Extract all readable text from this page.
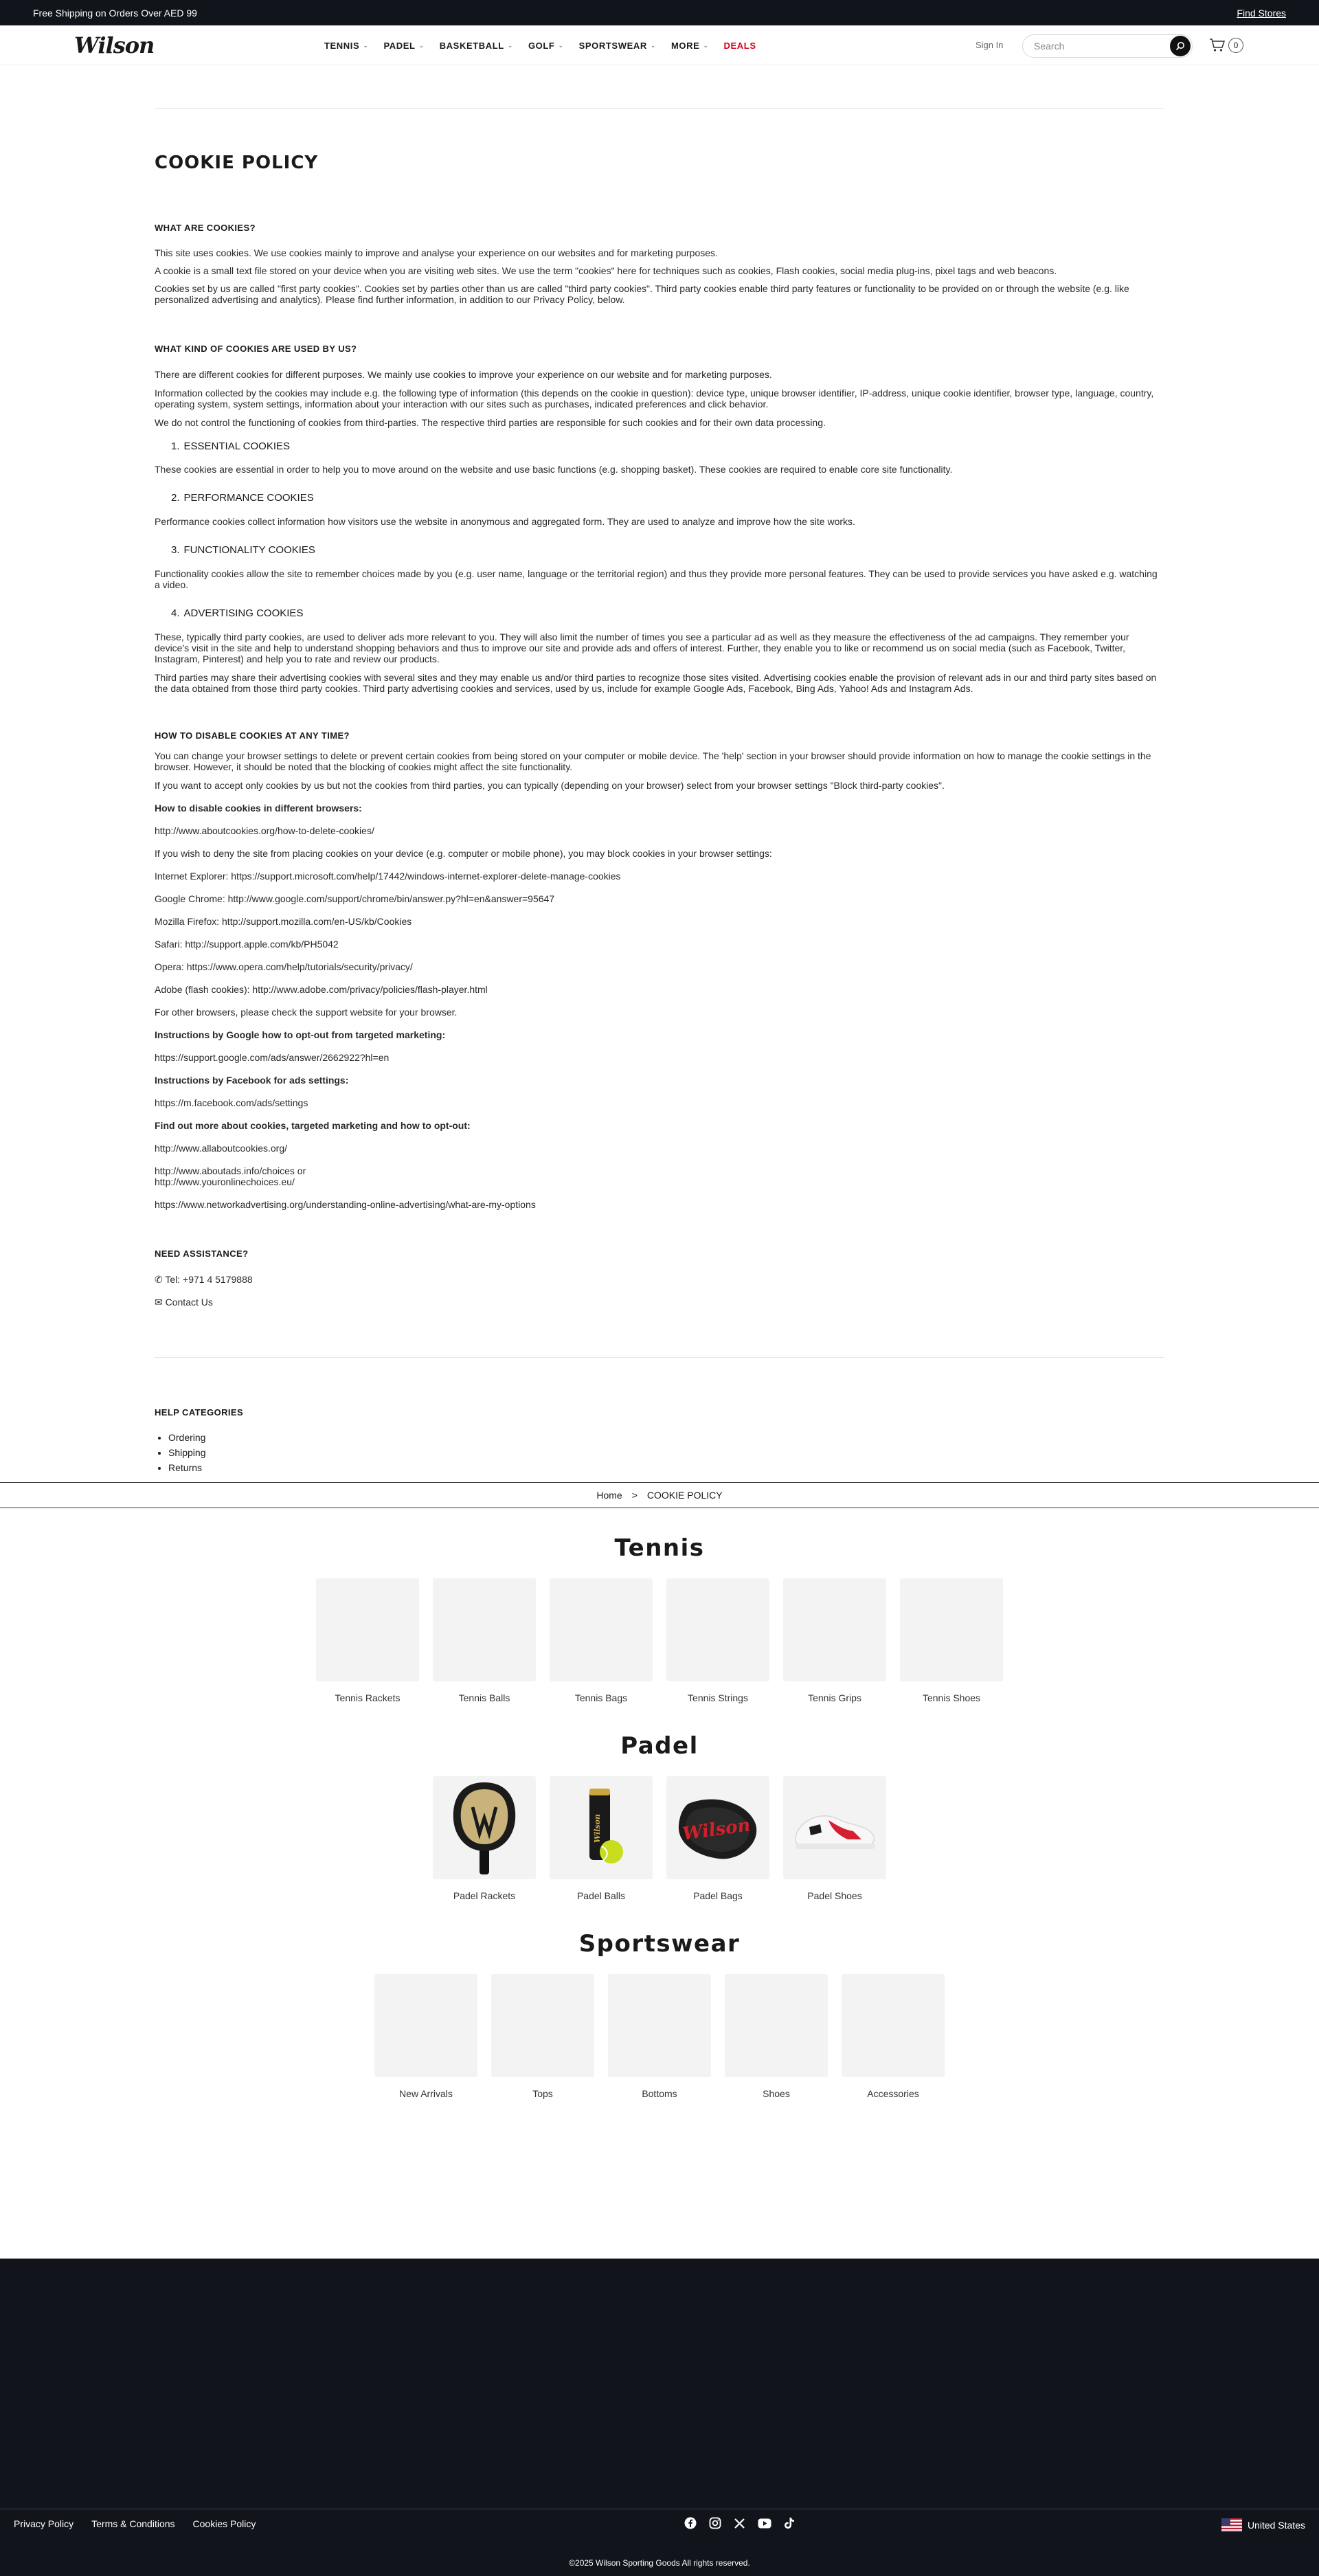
Free Shipping on Orders Over AED 99	Find Stores
Wilson	TENNIS ⌄ PADEL ⌄ BASKETBALL ⌄ GOLF ⌄ SPORTSWEAR ⌄ MORE ⌄ DEALS	Sign In
Search	0
COOKIE POLICY
WHAT ARE COOKIES?

This site uses cookies. We use cookies mainly to improve and analyse your experience on our websites and for marketing purposes.

A cookie is a small text file stored on your device when you are visiting web sites. We use the term "cookies" here for techniques such as cookies, Flash cookies, social media plug-ins, pixel tags and web beacons.

Cookies set by us are called "first party cookies". Cookies set by parties other than us are called "third party cookies". Third party cookies enable third party features or functionality to be provided on or through the website (e.g. like personalized advertising and analytics). Please find further information, in addition to our Privacy Policy, below.

WHAT KIND OF COOKIES ARE USED BY US?

There are different cookies for different purposes. We mainly use cookies to improve your experience on our website and for marketing purposes.

Information collected by the cookies may include e.g. the following type of information (this depends on the cookie in question): device type, unique browser identifier, IP-address, unique cookie identifier, browser type, language, country, operating system, system settings, information about your interaction with our sites such as purchases, indicated preferences and click behavior.

We do not control the functioning of cookies from third-parties. The respective third parties are responsible for such cookies and for their own data processing.

1. ESSENTIAL COOKIES

These cookies are essential in order to help you to move around on the website and use basic functions (e.g. shopping basket). These cookies are required to enable core site functionality.

2. PERFORMANCE COOKIES

Performance cookies collect information how visitors use the website in anonymous and aggregated form. They are used to analyze and improve how the site works.

3. FUNCTIONALITY COOKIES

Functionality cookies allow the site to remember choices made by you (e.g. user name, language or the territorial region) and thus they provide more personal features. They can be used to provide services you have asked e.g. watching a video.

4. ADVERTISING COOKIES

These, typically third party cookies, are used to deliver ads more relevant to you. They will also limit the number of times you see a particular ad as well as they measure the effectiveness of the ad campaigns. They remember your device's visit in the site and help to understand shopping behaviors and thus to improve our site and provide ads and offers of interest. Further, they enable you to like or recommend us on social media (such as Facebook, Twitter, Instagram, Pinterest) and help you to rate and review our products.

Third parties may share their advertising cookies with several sites and they may enable us and/or third parties to recognize those sites visited. Advertising cookies enable the provision of relevant ads in our and third party sites based on the data obtained from those third party cookies. Third party advertising cookies and services, used by us, include for example Google Ads, Facebook, Bing Ads, Yahoo! Ads and Instagram Ads.

HOW TO DISABLE COOKIES AT ANY TIME?

You can change your browser settings to delete or prevent certain cookies from being stored on your computer or mobile device. The 'help' section in your browser should provide information on how to manage the cookie settings in the browser. However, it should be noted that the blocking of cookies might affect the site functionality.

If you want to accept only cookies by us but not the cookies from third parties, you can typically (depending on your browser) select from your browser settings "Block third-party cookies".

How to disable cookies in different browsers:

http://www.aboutcookies.org/how-to-delete-cookies/

If you wish to deny the site from placing cookies on your device (e.g. computer or mobile phone), you may block cookies in your browser settings:

Internet Explorer: https://support.microsoft.com/help/17442/windows-internet-explorer-delete-manage-cookies

Google Chrome: http://www.google.com/support/chrome/bin/answer.py?hl=en&answer=95647

Mozilla Firefox: http://support.mozilla.com/en-US/kb/Cookies

Safari: http://support.apple.com/kb/PH5042

Opera: https://www.opera.com/help/tutorials/security/privacy/

Adobe (flash cookies): http://www.adobe.com/privacy/policies/flash-player.html

For other browsers, please check the support website for your browser.

Instructions by Google how to opt-out from targeted marketing:

https://support.google.com/ads/answer/2662922?hl=en

Instructions by Facebook for ads settings:

https://m.facebook.com/ads/settings

Find out more about cookies, targeted marketing and how to opt-out:

http://www.allaboutcookies.org/
http://www.aboutads.info/choices or
http://www.youronlinechoices.eu/
https://www.networkadvertising.org/understanding-online-advertising/what-are-my-options
NEED ASSISTANCE?

✆ Tel: +971 4 5179888

✉ Contact Us

HELP CATEGORIES
• Ordering
• Shipping
• Returns
Home > COOKIE POLICY
Tennis
Tennis Rackets	Tennis Balls	Tennis Bags	Tennis Strings	Tennis Grips	Tennis Shoes
Padel
Padel Rackets
Wilson
Padel Balls
Wilson
Padel Bags	Padel Shoes
Sportswear
New Arrivals	Tops	Bottoms	Shoes	Accessories
Privacy Policy Terms & Conditions Cookies Policy	United States
©2025 Wilson Sporting Goods All rights reserved.
